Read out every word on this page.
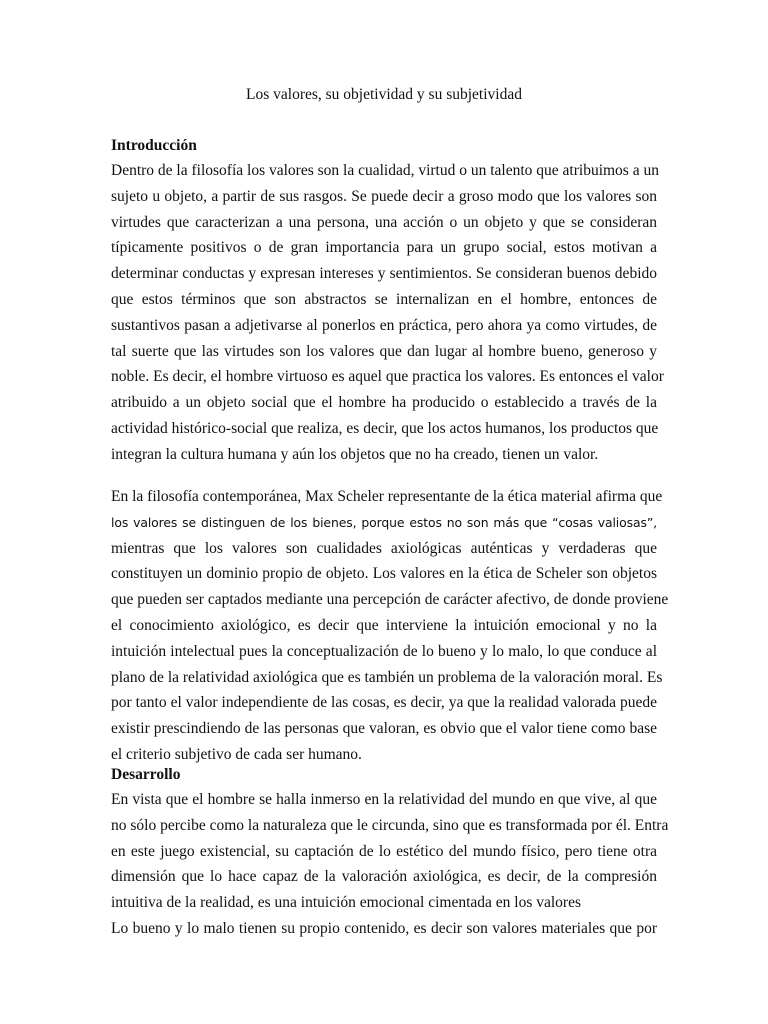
Los valores, su objetividad y su subjetividad

Introducción

Dentro de la filosofía los valores son la cualidad, virtud o un talento que atribuimos a un
sujeto u objeto, a partir de sus rasgos. Se puede decir a groso modo que los valores son
virtudes que caracterizan a una persona, una acción o un objeto y que se consideran
típicamente positivos o de gran importancia para un grupo social, estos motivan a
determinar conductas y expresan intereses y sentimientos. Se consideran buenos debido
que estos términos que son abstractos se internalizan en el hombre, entonces de
sustantivos pasan a adjetivarse al ponerlos en práctica, pero ahora ya como virtudes, de
tal suerte que las virtudes son los valores que dan lugar al hombre bueno, generoso y
noble. Es decir, el hombre virtuoso es aquel que practica los valores. Es entonces el valor
atribuido a un objeto social que el hombre ha producido o establecido a través de la
actividad histórico-social que realiza, es decir, que los actos humanos, los productos que
integran la cultura humana y aún los objetos que no ha creado, tienen un valor.
En la filosofía contemporánea, Max Scheler representante de la ética material afirma que
los valores se distinguen de los bienes, porque estos no son más que “cosas valiosas”,
mientras que los valores son cualidades axiológicas auténticas y verdaderas que
constituyen un dominio propio de objeto. Los valores en la ética de Scheler son objetos
que pueden ser captados mediante una percepción de carácter afectivo, de donde proviene
el conocimiento axiológico, es decir que interviene la intuición emocional y no la
intuición intelectual pues la conceptualización de lo bueno y lo malo, lo que conduce al
plano de la relatividad axiológica que es también un problema de la valoración moral. Es
por tanto el valor independiente de las cosas, es decir, ya que la realidad valorada puede
existir prescindiendo de las personas que valoran, es obvio que el valor tiene como base
el criterio subjetivo de cada ser humano.

Desarrollo

En vista que el hombre se halla inmerso en la relatividad del mundo en que vive, al que
no sólo percibe como la naturaleza que le circunda, sino que es transformada por él. Entra
en este juego existencial, su captación de lo estético del mundo físico, pero tiene otra
dimensión que lo hace capaz de la valoración axiológica, es decir, de la compresión
intuitiva de la realidad, es una intuición emocional cimentada en los valores
Lo bueno y lo malo tienen su propio contenido, es decir son valores materiales que por
